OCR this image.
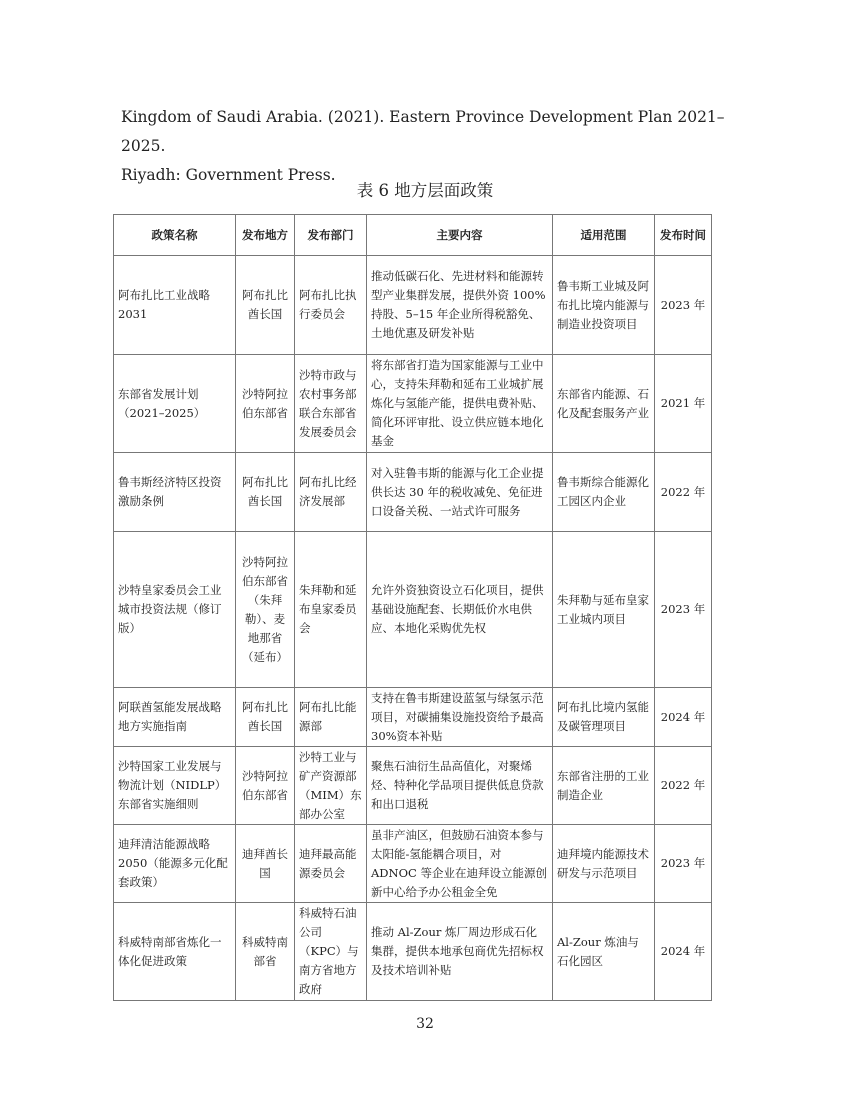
Kingdom of Saudi Arabia. (2021). Eastern Province Development Plan 2021–2025.
Riyadh: Government Press.
表 6 地方层面政策
政策名称	发布地方	发布部门	主要内容	适用范围	发布时间
阿布扎比工业战略2031	阿布扎比酋长国	阿布扎比执行委员会	推动低碳石化、先进材料和能源转型产业集群发展，提供外资 100%持股、5–15 年企业所得税豁免、土地优惠及研发补贴	鲁韦斯工业城及阿布扎比境内能源与制造业投资项目	2023 年
东部省发展计划（2021–2025）	沙特阿拉伯东部省	沙特市政与农村事务部联合东部省发展委员会	将东部省打造为国家能源与工业中心，支持朱拜勒和延布工业城扩展炼化与氢能产能，提供电费补贴、简化环评审批、设立供应链本地化基金	东部省内能源、石化及配套服务产业	2021 年
鲁韦斯经济特区投资激励条例	阿布扎比酋长国	阿布扎比经济发展部	对入驻鲁韦斯的能源与化工企业提供长达 30 年的税收减免、免征进口设备关税、一站式许可服务	鲁韦斯综合能源化工园区内企业	2022 年
沙特皇家委员会工业城市投资法规（修订版）	沙特阿拉伯东部省（朱拜勒）、麦地那省（延布）	朱拜勒和延布皇家委员会	允许外资独资设立石化项目，提供基础设施配套、长期低价水电供应、本地化采购优先权	朱拜勒与延布皇家工业城内项目	2023 年
阿联酋氢能发展战略地方实施指南	阿布扎比酋长国	阿布扎比能源部	支持在鲁韦斯建设蓝氢与绿氢示范项目，对碳捕集设施投资给予最高 30%资本补贴	阿布扎比境内氢能及碳管理项目	2024 年
沙特国家工业发展与物流计划（NIDLP）东部省实施细则	沙特阿拉伯东部省	沙特工业与矿产资源部（MIM）东部办公室	聚焦石油衍生品高值化，对聚烯烃、特种化学品项目提供低息贷款和出口退税	东部省注册的工业制造企业	2022 年
迪拜清洁能源战略2050（能源多元化配套政策）	迪拜酋长国	迪拜最高能源委员会	虽非产油区，但鼓励石油资本参与太阳能-氢能耦合项目，对 ADNOC 等企业在迪拜设立能源创新中心给予办公租金全免	迪拜境内能源技术研发与示范项目	2023 年
科威特南部省炼化一体化促进政策	科威特南部省	科威特石油公司（KPC）与南方省地方政府	推动 Al-Zour 炼厂周边形成石化集群，提供本地承包商优先招标权及技术培训补贴	Al-Zour 炼油与石化园区	2024 年
32
